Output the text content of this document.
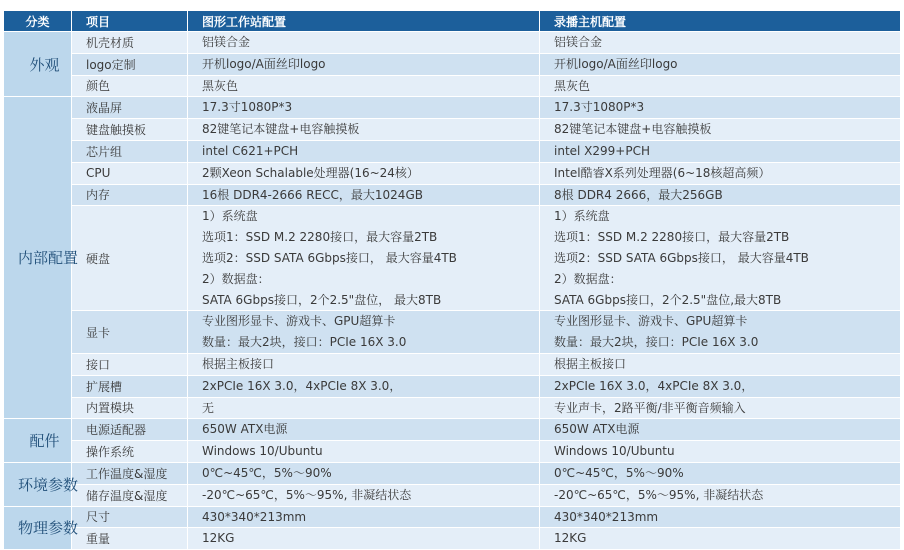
分类	项目	图形工作站配置	录播主机配置
外观	机壳材质	铝镁合金	铝镁合金

	logo定制	开机logo/A面丝印logo	开机logo/A面丝印logo

	颜色	黑灰色	黑灰色

内部配置	液晶屏	17.3寸1080P*3	17.3寸1080P*3

	键盘触摸板	82键笔记本键盘+电容触摸板	82键笔记本键盘+电容触摸板

	芯片组	intel C621+PCH	intel X299+PCH

	CPU	2颗Xeon Schalable处理器(16~24核）	Intel酷睿X系列处理器(6~18核超高频）

	内存	16根 DDR4-2666 RECC，最大1024GB	8根 DDR4 2666，最大256GB

	硬盘	1）系统盘
选项1：SSD M.2 2280接口，最大容量2TB
选项2：SSD SATA 6Gbps接口， 最大容量4TB
2）数据盘：
SATA 6Gbps接口，2个2.5"盘位， 最大8TB	1）系统盘
选项1：SSD M.2 2280接口，最大容量2TB
选项2：SSD SATA 6Gbps接口， 最大容量4TB
2）数据盘：
SATA 6Gbps接口，2个2.5"盘位,最大8TB

	显卡	专业图形显卡、游戏卡、GPU超算卡
数量：最大2块，接口：PCIe 16X 3.0	专业图形显卡、游戏卡、GPU超算卡
数量：最大2块，接口：PCIe 16X 3.0

	接口	根据主板接口	根据主板接口

	扩展槽	2xPCIe 16X 3.0，4xPCIe 8X 3.0，	2xPCIe 16X 3.0，4xPCIe 8X 3.0，

	内置模块	无	专业声卡，2路平衡/非平衡音频输入

配件	电源适配器	650W ATX电源	650W ATX电源

	操作系统	Windows 10/Ubuntu	Windows 10/Ubuntu

环境参数	工作温度&湿度	0℃~45℃，5%～90%	0℃~45℃，5%～90%

	储存温度&湿度	-20℃~65℃，5%～95%, 非凝结状态	-20℃~65℃，5%～95%, 非凝结状态

物理参数	尺寸	430*340*213mm	430*340*213mm

	重量	12KG	12KG
